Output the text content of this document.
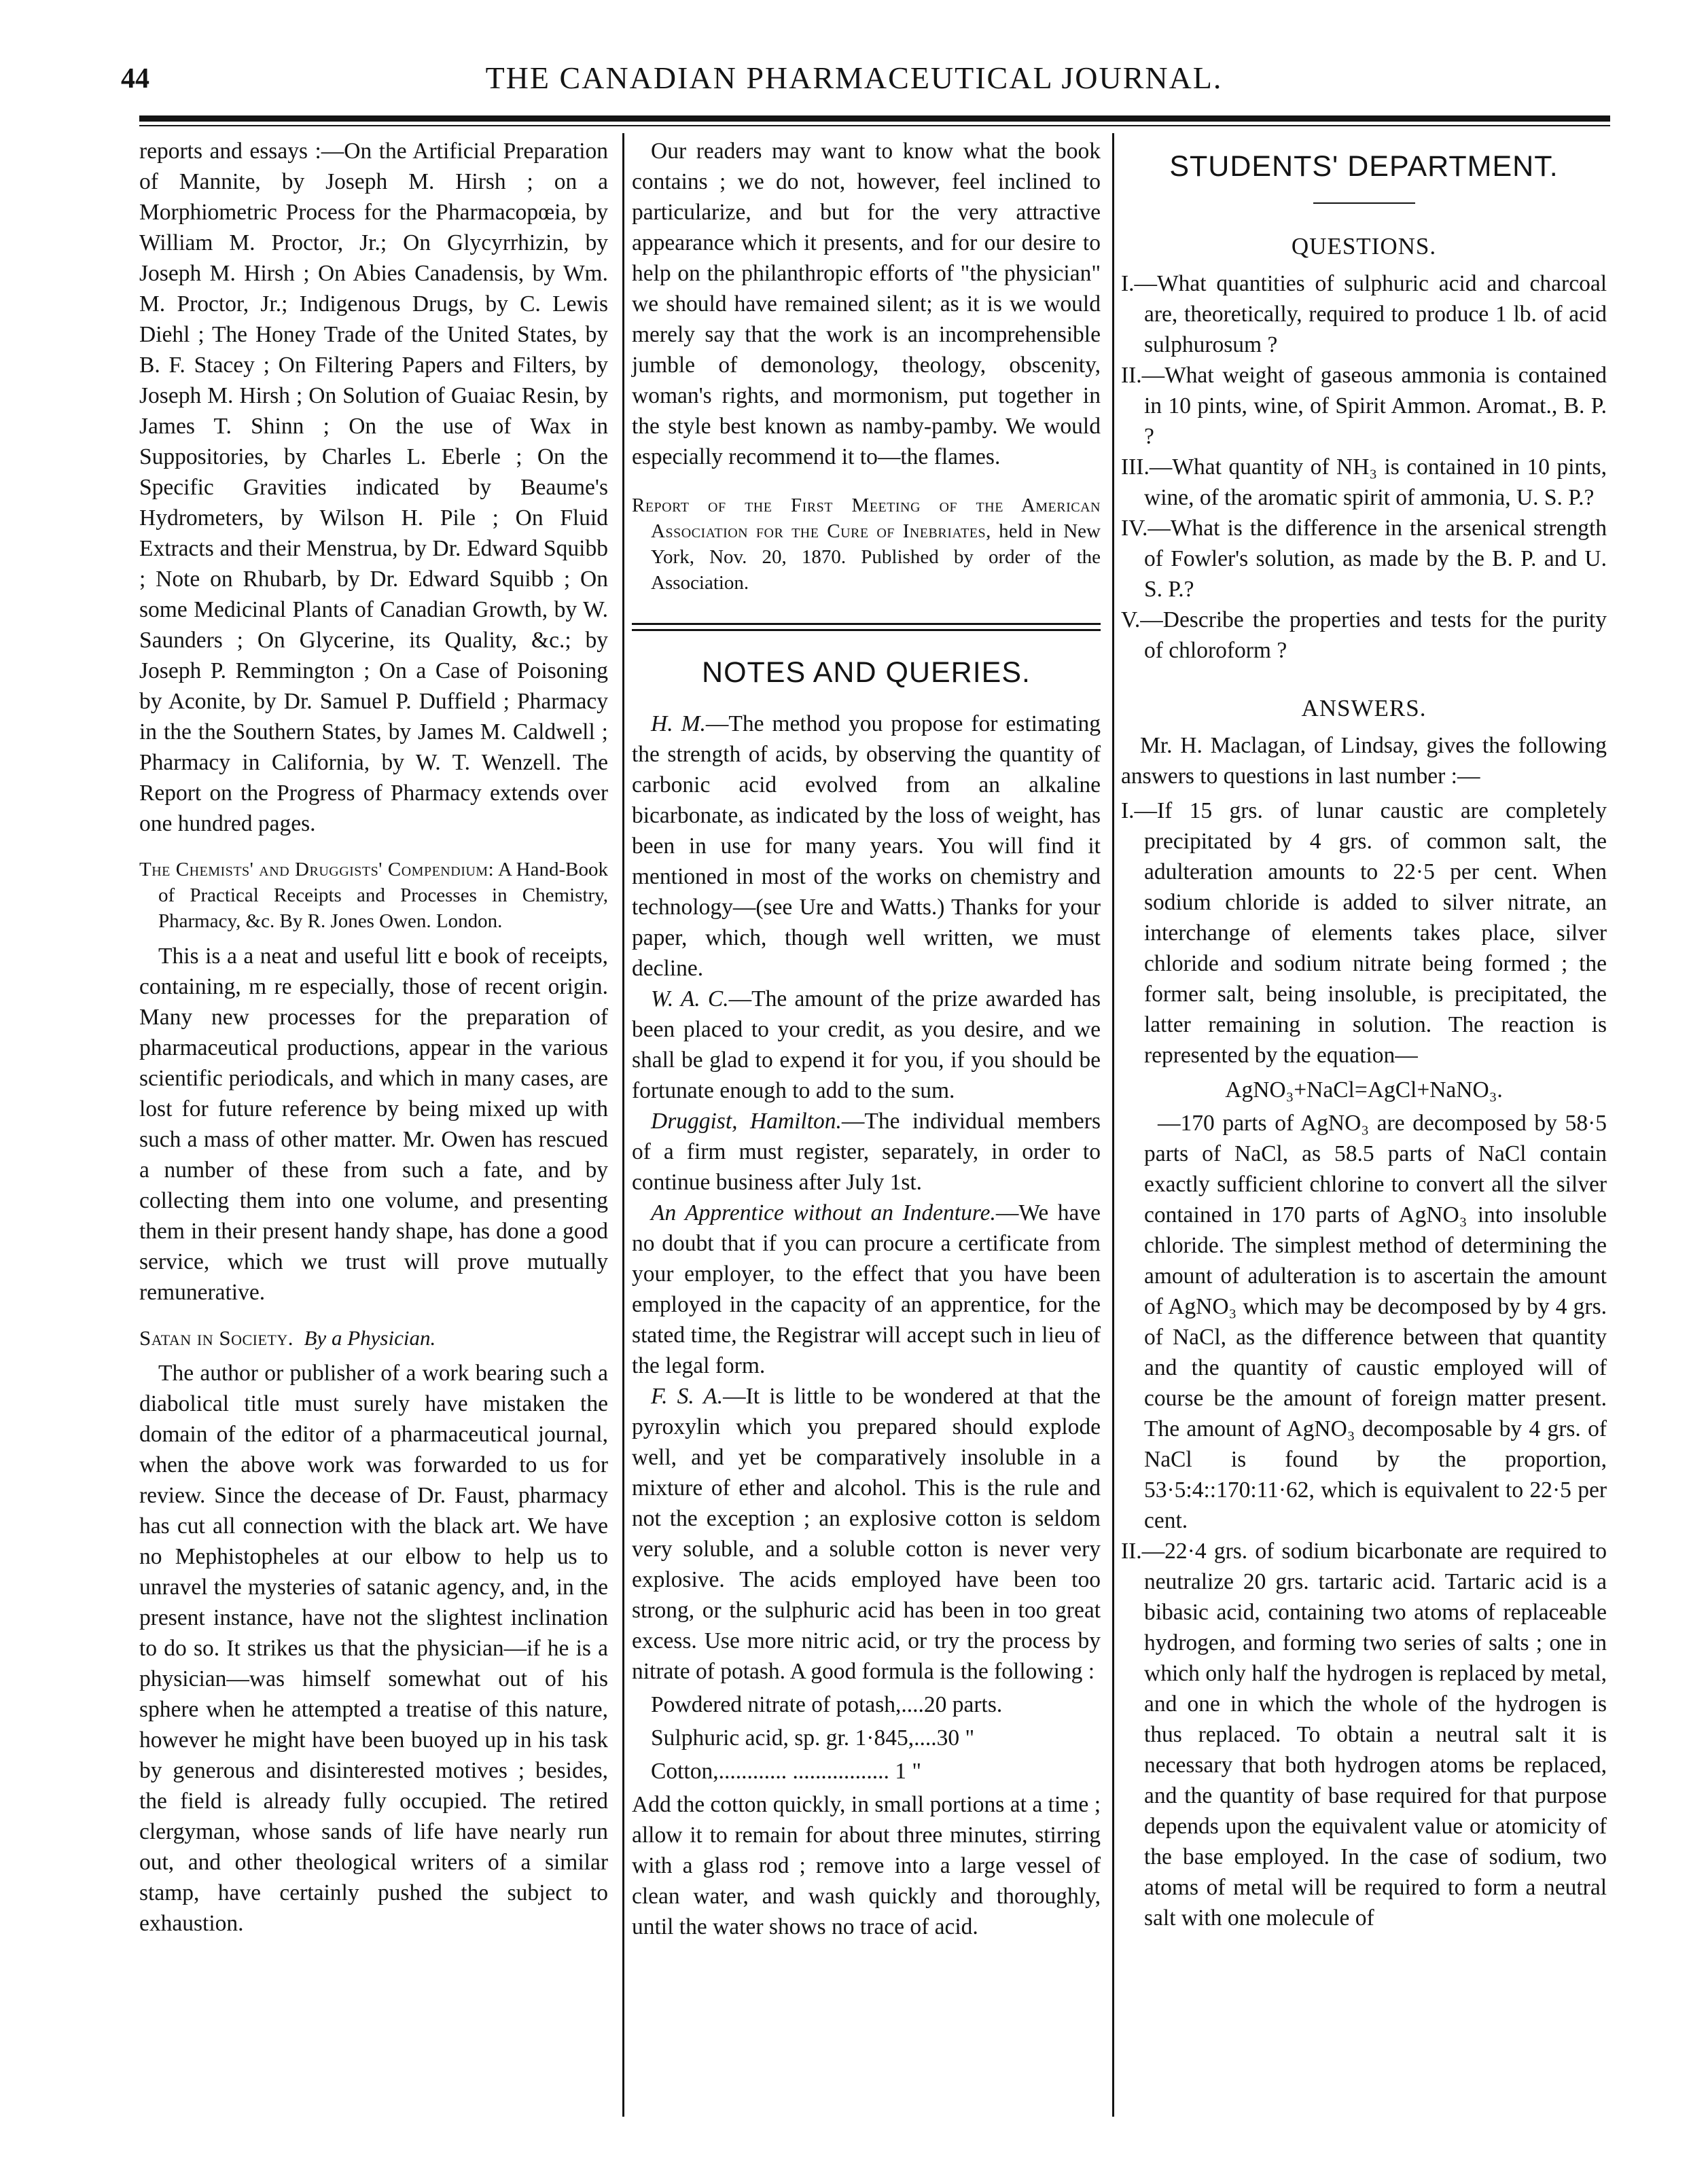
44	THE CANADIAN PHARMACEUTICAL JOURNAL.

reports and essays :—On the Artificial Preparation of Mannite, by Joseph M. Hirsh ; on a Morphiometric Process for the Pharmacopœia, by William M. Proctor, Jr.; On Glycyrrhizin, by Joseph M. Hirsh ; On Abies Canadensis, by Wm. M. Proctor, Jr.; Indigenous Drugs, by C. Lewis Diehl ; The Honey Trade of the United States, by B. F. Stacey ; On Filtering Papers and Filters, by Joseph M. Hirsh ; On Solution of Guaiac Resin, by James T. Shinn ; On the use of Wax in Suppositories, by Charles L. Eberle ; On the Specific Gravities indicated by Beaume's Hydrometers, by Wilson H. Pile ; On Fluid Extracts and their Menstrua, by Dr. Edward Squibb ; Note on Rhubarb, by Dr. Edward Squibb ; On some Medicinal Plants of Canadian Growth, by W. Saunders ; On Glycerine, its Quality, &c.; by Joseph P. Remmington ; On a Case of Poisoning by Aconite, by Dr. Samuel P. Duffield ; Pharmacy in the the Southern States, by James M. Caldwell ; Pharmacy in California, by W. T. Wenzell. The Report on the Progress of Pharmacy extends over one hundred pages.

The Chemists' and Druggists' Compendium: A Hand-Book of Practical Receipts and Processes in Chemistry, Pharmacy, &c. By R. Jones Owen. London.

This is a a neat and useful litt e book of receipts, containing, m re especially, those of recent origin. Many new processes for the preparation of pharmaceutical productions, appear in the various scientific periodicals, and which in many cases, are lost for future reference by being mixed up with such a mass of other matter. Mr. Owen has rescued a number of these from such a fate, and by collecting them into one volume, and presenting them in their present handy shape, has done a good service, which we trust will prove mutually remunerative.

Satan in Society. By a Physician.

The author or publisher of a work bearing such a diabolical title must surely have mistaken the domain of the editor of a pharmaceutical journal, when the above work was forwarded to us for review. Since the decease of Dr. Faust, pharmacy has cut all connection with the black art. We have no Mephistopheles at our elbow to help us to unravel the mysteries of satanic agency, and, in the present instance, have not the slightest inclination to do so. It strikes us that the physician—if he is a physician—was himself somewhat out of his sphere when he attempted a treatise of this nature, however he might have been buoyed up in his task by generous and disinterested motives ; besides, the field is already fully occupied. The retired clergyman, whose sands of life have nearly run out, and other theological writers of a similar stamp, have certainly pushed the subject to exhaustion.

Our readers may want to know what the book contains ; we do not, however, feel inclined to particularize, and but for the very attractive appearance which it presents, and for our desire to help on the philanthropic efforts of "the physician" we should have remained silent; as it is we would merely say that the work is an incomprehensible jumble of demonology, theology, obscenity, woman's rights, and mormonism, put together in the style best known as namby-pamby. We would especially recommend it to—the flames.

Report of the First Meeting of the American Association for the Cure of Inebriates, held in New York, Nov. 20, 1870. Published by order of the Association.
NOTES AND QUERIES.

H. M.—The method you propose for estimating the strength of acids, by observing the quantity of carbonic acid evolved from an alkaline bicarbonate, as indicated by the loss of weight, has been in use for many years. You will find it mentioned in most of the works on chemistry and technology—(see Ure and Watts.) Thanks for your paper, which, though well written, we must decline.

W. A. C.—The amount of the prize awarded has been placed to your credit, as you desire, and we shall be glad to expend it for you, if you should be fortunate enough to add to the sum.

Druggist, Hamilton.—The individual members of a firm must register, separately, in order to continue business after July 1st.

An Apprentice without an Indenture.—We have no doubt that if you can procure a certificate from your employer, to the effect that you have been employed in the capacity of an apprentice, for the stated time, the Registrar will accept such in lieu of the legal form.

F. S. A.—It is little to be wondered at that the pyroxylin which you prepared should explode well, and yet be comparatively insoluble in a mixture of ether and alcohol. This is the rule and not the exception ; an explosive cotton is seldom very soluble, and a soluble cotton is never very explosive. The acids employed have been too strong, or the sulphuric acid has been in too great excess. Use more nitric acid, or try the process by nitrate of potash. A good formula is the following :

Powdered nitrate of potash,....20 parts.
Sulphuric acid, sp. gr. 1·845,....30 "
Cotton,............ ................. 1 "

Add the cotton quickly, in small portions at a time ; allow it to remain for about three minutes, stirring with a glass rod ; remove into a large vessel of clean water, and wash quickly and thoroughly, until the water shows no trace of acid.

STUDENTS' DEPARTMENT.
QUESTIONS.

I.—What quantities of sulphuric acid and charcoal are, theoretically, required to produce 1 lb. of acid sulphurosum ?

II.—What weight of gaseous ammonia is contained in 10 pints, wine, of Spirit Ammon. Aromat., B. P. ?

III.—What quantity of NH₃ is contained in 10 pints, wine, of the aromatic spirit of ammonia, U. S. P.?

IV.—What is the difference in the arsenical strength of Fowler's solution, as made by the B. P. and U. S. P.?

V.—Describe the properties and tests for the purity of chloroform ?

ANSWERS.

Mr. H. Maclagan, of Lindsay, gives the following answers to questions in last number :—

I.—If 15 grs. of lunar caustic are completely precipitated by 4 grs. of common salt, the adulteration amounts to 22·5 per cent. When sodium chloride is added to silver nitrate, an interchange of elements takes place, silver chloride and sodium nitrate being formed ; the former salt, being insoluble, is precipitated, the latter remaining in solution. The reaction is represented by the equation—

AgNO₃+NaCl=AgCl+NaNO₃.

—170 parts of AgNO₃ are decomposed by 58·5 parts of NaCl, as 58.5 parts of NaCl contain exactly sufficient chlorine to convert all the silver contained in 170 parts of AgNO₃ into insoluble chloride. The simplest method of determining the amount of adulteration is to ascertain the amount of AgNO₃ which may be decomposed by by 4 grs. of NaCl, as the difference between that quantity and the quantity of caustic employed will of course be the amount of foreign matter present. The amount of AgNO₃ decomposable by 4 grs. of NaCl is found by the proportion, 53·5:4::170:11·62, which is equivalent to 22·5 per cent.

II.—22·4 grs. of sodium bicarbonate are required to neutralize 20 grs. tartaric acid. Tartaric acid is a bibasic acid, containing two atoms of replaceable hydrogen, and forming two series of salts ; one in which only half the hydrogen is replaced by metal, and one in which the whole of the hydrogen is thus replaced. To obtain a neutral salt it is necessary that both hydrogen atoms be replaced, and the quantity of base required for that purpose depends upon the equivalent value or atomicity of the base employed. In the case of sodium, two atoms of metal will be required to form a neutral salt with one molecule of
